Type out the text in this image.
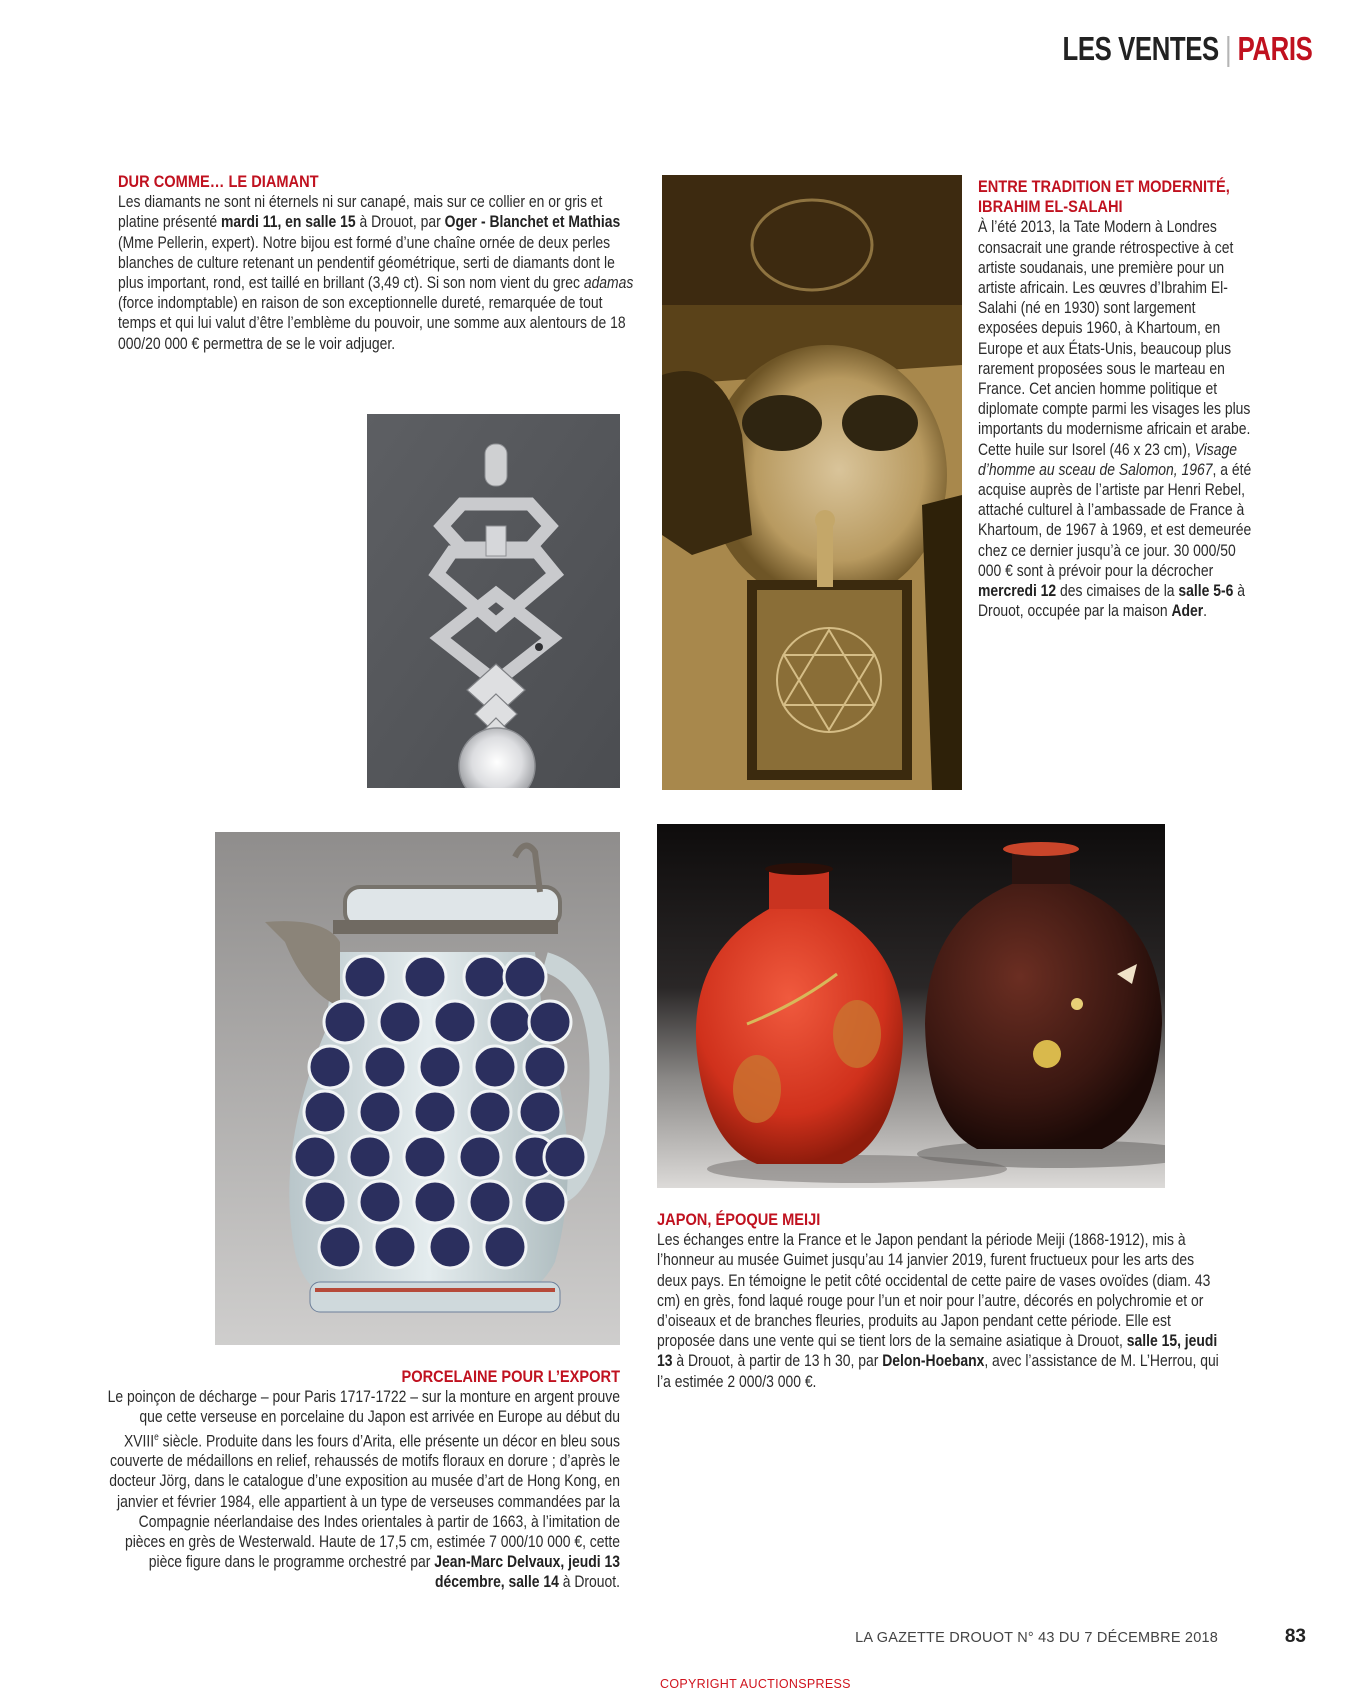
LES VENTES | PARIS
DUR COMME… LE DIAMANT

Les diamants ne sont ni éternels ni sur canapé, mais sur ce collier en or gris et platine présenté mardi 11, en salle 15 à Drouot, par Oger - Blanchet et Mathias (Mme Pellerin, expert). Notre bijou est formé d’une chaîne ornée de deux perles blanches de culture retenant un pendentif géométrique, serti de diamants dont le plus important, rond, est taillé en brillant (3,49 ct). Si son nom vient du grec adamas (force indomptable) en raison de son exceptionnelle dureté, remarquée de tout temps et qui lui valut d’être l’emblème du pouvoir, une somme aux alentours de 18 000/20 000 € permettra de se le voir adjuger.

ENTRE TRADITION ET MODERNITÉ,
IBRAHIM EL-SALAHI

À l’été 2013, la Tate Modern à Londres consacrait une grande rétrospective à cet artiste soudanais, une première pour un artiste africain. Les œuvres d’Ibrahim El-Salahi (né en 1930) sont largement exposées depuis 1960, à Khartoum, en Europe et aux États-Unis, beaucoup plus rarement proposées sous le marteau en France. Cet ancien homme politique et diplomate compte parmi les visages les plus importants du modernisme africain et arabe. Cette huile sur Isorel (46 x 23 cm), Visage d’homme au sceau de Salomon, 1967, a été acquise auprès de l’artiste par Henri Rebel, attaché culturel à l’ambassade de France à Khartoum, de 1967 à 1969, et est demeurée chez ce dernier jusqu’à ce jour. 30 000/50 000 € sont à prévoir pour la décrocher mercredi 12 des cimaises de la salle 5-6 à Drouot, occupée par la maison Ader.

PORCELAINE POUR L’EXPORT

Le poinçon de décharge – pour Paris 1717-1722 – sur la monture en argent prouve que cette verseuse en porcelaine du Japon est arrivée en Europe au début du XVIIIe siècle. Produite dans les fours d’Arita, elle présente un décor en bleu sous couverte de médaillons en relief, rehaussés de motifs floraux en dorure ; d’après le docteur Jörg, dans le catalogue d’une exposition au musée d’art de Hong Kong, en janvier et février 1984, elle appartient à un type de verseuses commandées par la Compagnie néerlandaise des Indes orientales à partir de 1663, à l’imitation de pièces en grès de Westerwald. Haute de 17,5 cm, estimée 7 000/10 000 €, cette pièce figure dans le programme orchestré par Jean-Marc Delvaux, jeudi 13 décembre, salle 14 à Drouot.

JAPON, ÉPOQUE MEIJI

Les échanges entre la France et le Japon pendant la période Meiji (1868-1912), mis à l’honneur au musée Guimet jusqu’au 14 janvier 2019, furent fructueux pour les arts des deux pays. En témoigne le petit côté occidental de cette paire de vases ovoïdes (diam. 43 cm) en grès, fond laqué rouge pour l’un et noir pour l’autre, décorés en polychromie et or d’oiseaux et de branches fleuries, produits au Japon pendant cette période. Elle est proposée dans une vente qui se tient lors de la semaine asiatique à Drouot, salle 15, jeudi 13 à Drouot, à partir de 13 h 30, par Delon-Hoebanx, avec l’assistance de M. L’Herrou, qui l’a estimée 2 000/3 000 €.

LA GAZETTE DROUOT N° 43 DU 7 DÉCEMBRE 2018	83
COPYRIGHT AUCTIONSPRESS
